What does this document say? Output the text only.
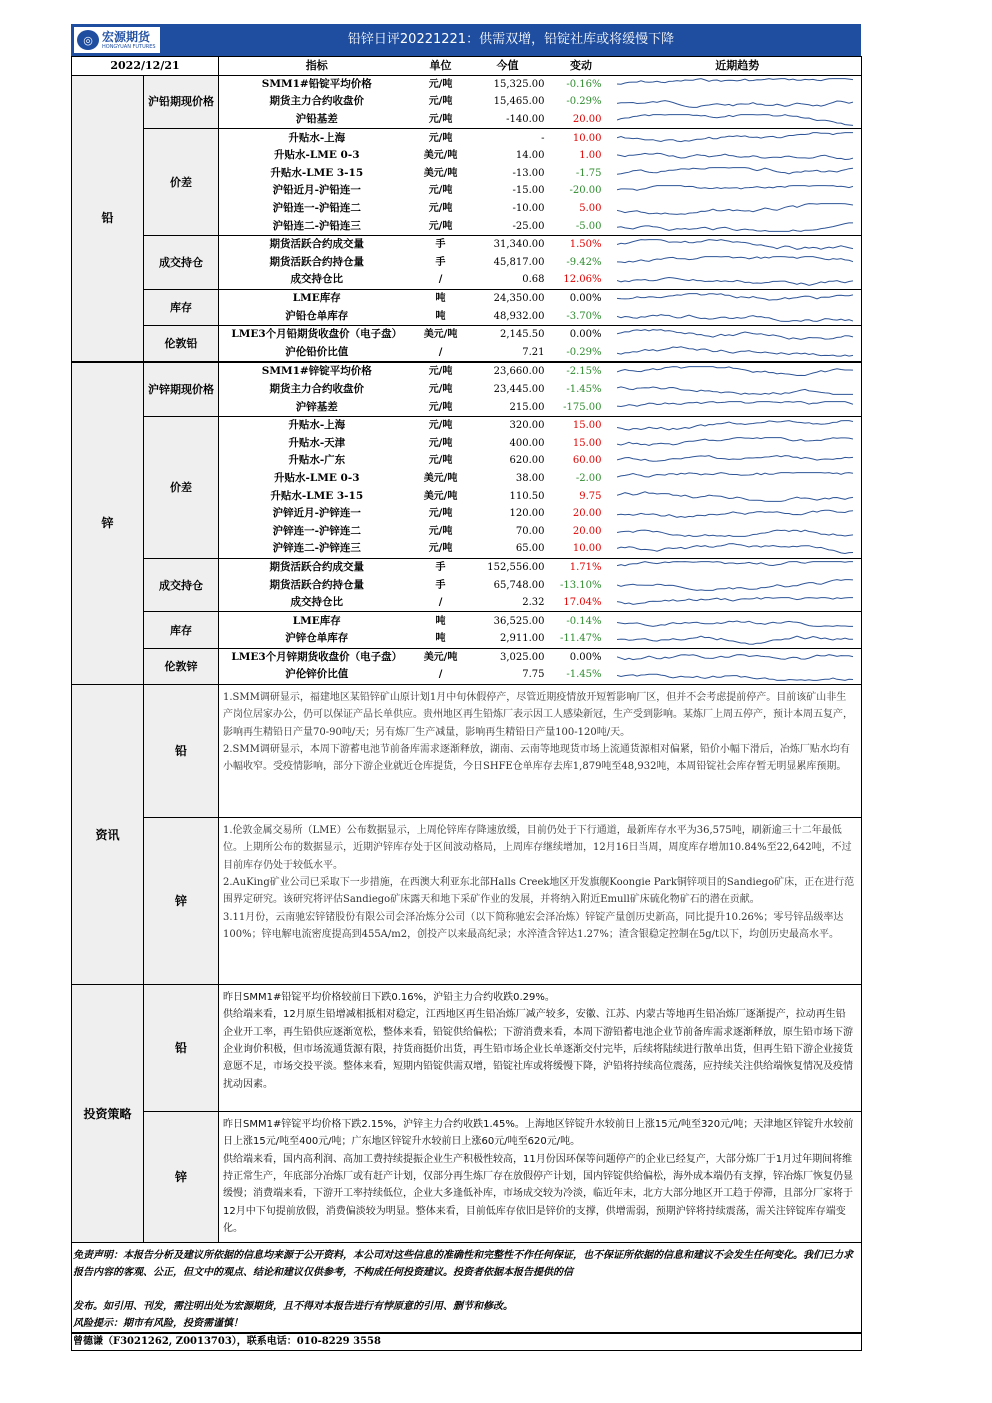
◎ 宏源期货
HONGYUAN FUTURES	铅锌日评20221221：供需双增，铅锭社库或将缓慢下降
2022/12/21		指标	单位	今值	变动	近期趋势
铅	沪铅期现价格	SMM1#铅锭平均价格	元/吨	15,325.00	-0.16%	

		期货主力合约收盘价	元/吨	15,465.00	-0.29%	

		沪铅基差	元/吨	-140.00	20.00	

	价差	升贴水-上海	元/吨	-	10.00	

		升贴水-LME 0-3	美元/吨	14.00	1.00	

		升贴水-LME 3-15	美元/吨	-13.00	-1.75	

		沪铅近月-沪铅连一	元/吨	-15.00	-20.00	

		沪铅连一-沪铅连二	元/吨	-10.00	5.00	

		沪铅连二-沪铅连三	元/吨	-25.00	-5.00	

	成交持仓	期货活跃合约成交量	手	31,340.00	1.50%	

		期货活跃合约持仓量	手	45,817.00	-9.42%	

		成交持仓比	/	0.68	12.06%	

	库存	LME库存	吨	24,350.00	0.00%	

		沪铅仓单库存	吨	48,932.00	-3.70%	

	伦敦铅	LME3个月铅期货收盘价（电子盘）	美元/吨	2,145.50	0.00%	

		沪伦铅价比值	/	7.21	-0.29%	

锌	沪锌期现价格	SMM1#锌锭平均价格	元/吨	23,660.00	-2.15%	

		期货主力合约收盘价	元/吨	23,445.00	-1.45%	

		沪锌基差	元/吨	215.00	-175.00	

	价差	升贴水-上海	元/吨	320.00	15.00	

		升贴水-天津	元/吨	400.00	15.00	

		升贴水-广东	元/吨	620.00	60.00	

		升贴水-LME 0-3	美元/吨	38.00	-2.00	

		升贴水-LME 3-15	美元/吨	110.50	9.75	

		沪锌近月-沪锌连一	元/吨	120.00	20.00	

		沪锌连一-沪锌连二	元/吨	70.00	20.00	

		沪锌连二-沪锌连三	元/吨	65.00	10.00	

	成交持仓	期货活跃合约成交量	手	152,556.00	1.71%	

		期货活跃合约持仓量	手	65,748.00	-13.10%	

		成交持仓比	/	2.32	17.04%	

	库存	LME库存	吨	36,525.00	-0.14%	

		沪锌仓单库存	吨	2,911.00	-11.47%	

	伦敦锌	LME3个月锌期货收盘价（电子盘）	美元/吨	3,025.00	0.00%	

		沪伦锌价比值	/	7.75	-1.45%	
资讯	铅	1.SMM调研显示，福建地区某铅锌矿山原计划1月中旬休假停产，尽管近期疫情放开短暂影响厂区，但并不会考虑提前停产。目前该矿山非生产岗位居家办公，仍可以保证产品长单供应。贵州地区再生铅炼厂表示因工人感染新冠，生产受到影响。某炼厂上周五停产，预计本周五复产，影响再生精铅日产量70-90吨/天；另有炼厂生产减量，影响再生精铅日产量100-120吨/天。

2.SMM调研显示，本周下游蓄电池节前备库需求逐渐释放，湖南、云南等地现货市场上流通货源相对偏紧，铅价小幅下滑后，冶炼厂贴水均有小幅收窄。受疫情影响，部分下游企业就近仓库提货，今日SHFE仓单库存去库1,879吨至48,932吨，本周铅锭社会库存暂无明显累库预期。

	锌	1.伦敦金属交易所（LME）公布数据显示，上周伦锌库存降速放缓，目前仍处于下行通道，最新库存水平为36,575吨，刷新逾三十二年最低位。上期所公布的数据显示，近期沪锌库存处于区间波动格局，上周库存继续增加，12月16日当周，周度库存增加10.84%至22,642吨，不过目前库存仍处于较低水平。

2.AuKing矿业公司已采取下一步措施，在西澳大利亚东北部Halls Creek地区开发旗舰Koongie Park铜锌项目的Sandiego矿床，正在进行范围界定研究。该研究将评估Sandiego矿床露天和地下采矿作业的发展，并将纳入附近Emull矿床硫化物矿石的潜在贡献。

3.11月份，云南驰宏锌锗股份有限公司会泽冶炼分公司（以下简称驰宏会泽冶炼）锌锭产量创历史新高，同比提升10.26%；零号锌品级率达100%；锌电解电流密度提高到455A/m2，创投产以来最高纪录；水淬渣含锌达1.27%；渣含银稳定控制在5g/t以下，均创历史最高水平。

投资策略	铅	昨日SMM1#铅锭平均价格较前日下跌0.16%，沪铅主力合约收跌0.29%。

供给端来看，12月原生铅增减相抵相对稳定，江西地区再生铅冶炼厂减产较多，安徽、江苏、内蒙古等地再生铅冶炼厂逐渐提产，拉动再生铅企业开工率，再生铅供应逐渐宽松，整体来看，铅锭供给偏松；下游消费来看，本周下游铅蓄电池企业节前备库需求逐渐释放，原生铅市场下游企业询价积极，但市场流通货源有限，持货商挺价出货，再生铅市场企业长单逐渐交付完毕，后续将陆续进行散单出货，但再生铅下游企业接货意愿不足，市场交投平淡。整体来看，短期内铅锭供需双增，铅锭社库或将缓慢下降，沪铅将持续高位震荡，应持续关注供给端恢复情况及疫情扰动因素。

	锌	昨日SMM1#锌锭平均价格下跌2.15%，沪锌主力合约收跌1.45%。上海地区锌锭升水较前日上涨15元/吨至320元/吨；天津地区锌锭升水较前日上涨15元/吨至400元/吨；广东地区锌锭升水较前日上涨60元/吨至620元/吨。

供给端来看，国内高利润、高加工费持续提振企业生产积极性较高，11月份因环保等问题停产的企业已经复产，大部分炼厂于1月过年期间将维持正常生产，年底部分冶炼厂或有赶产计划，仅部分再生炼厂存在放假停产计划，国内锌锭供给偏松，海外成本端仍有支撑，锌冶炼厂恢复仍显缓慢；消费端来看，下游开工率持续低位，企业大多逢低补库，市场成交较为冷淡，临近年末，北方大部分地区开工趋于停滞，且部分厂家将于12月中下旬提前放假，消费偏淡较为明显。整体来看，目前低库存依旧是锌价的支撑，供增需弱，预期沪锌将持续震荡，需关注锌锭库存端变化。

免责声明：本报告分析及建议所依据的信息均来源于公开资料，本公司对这些信息的准确性和完整性不作任何保证，也不保证所依据的信息和建议不会发生任何变化。我们已力求报告内容的客观、公正，但文中的观点、结论和建议仅供参考，不构成任何投资建议。投资者依据本报告提供的信

发布。如引用、刊发，需注明出处为宏源期货，且不得对本报告进行有悖原意的引用、删节和修改。

风险提示：期市有风险，投资需谨慎！

曾德谦（F3021262, Z0013703），联系电话：010-8229 3558
